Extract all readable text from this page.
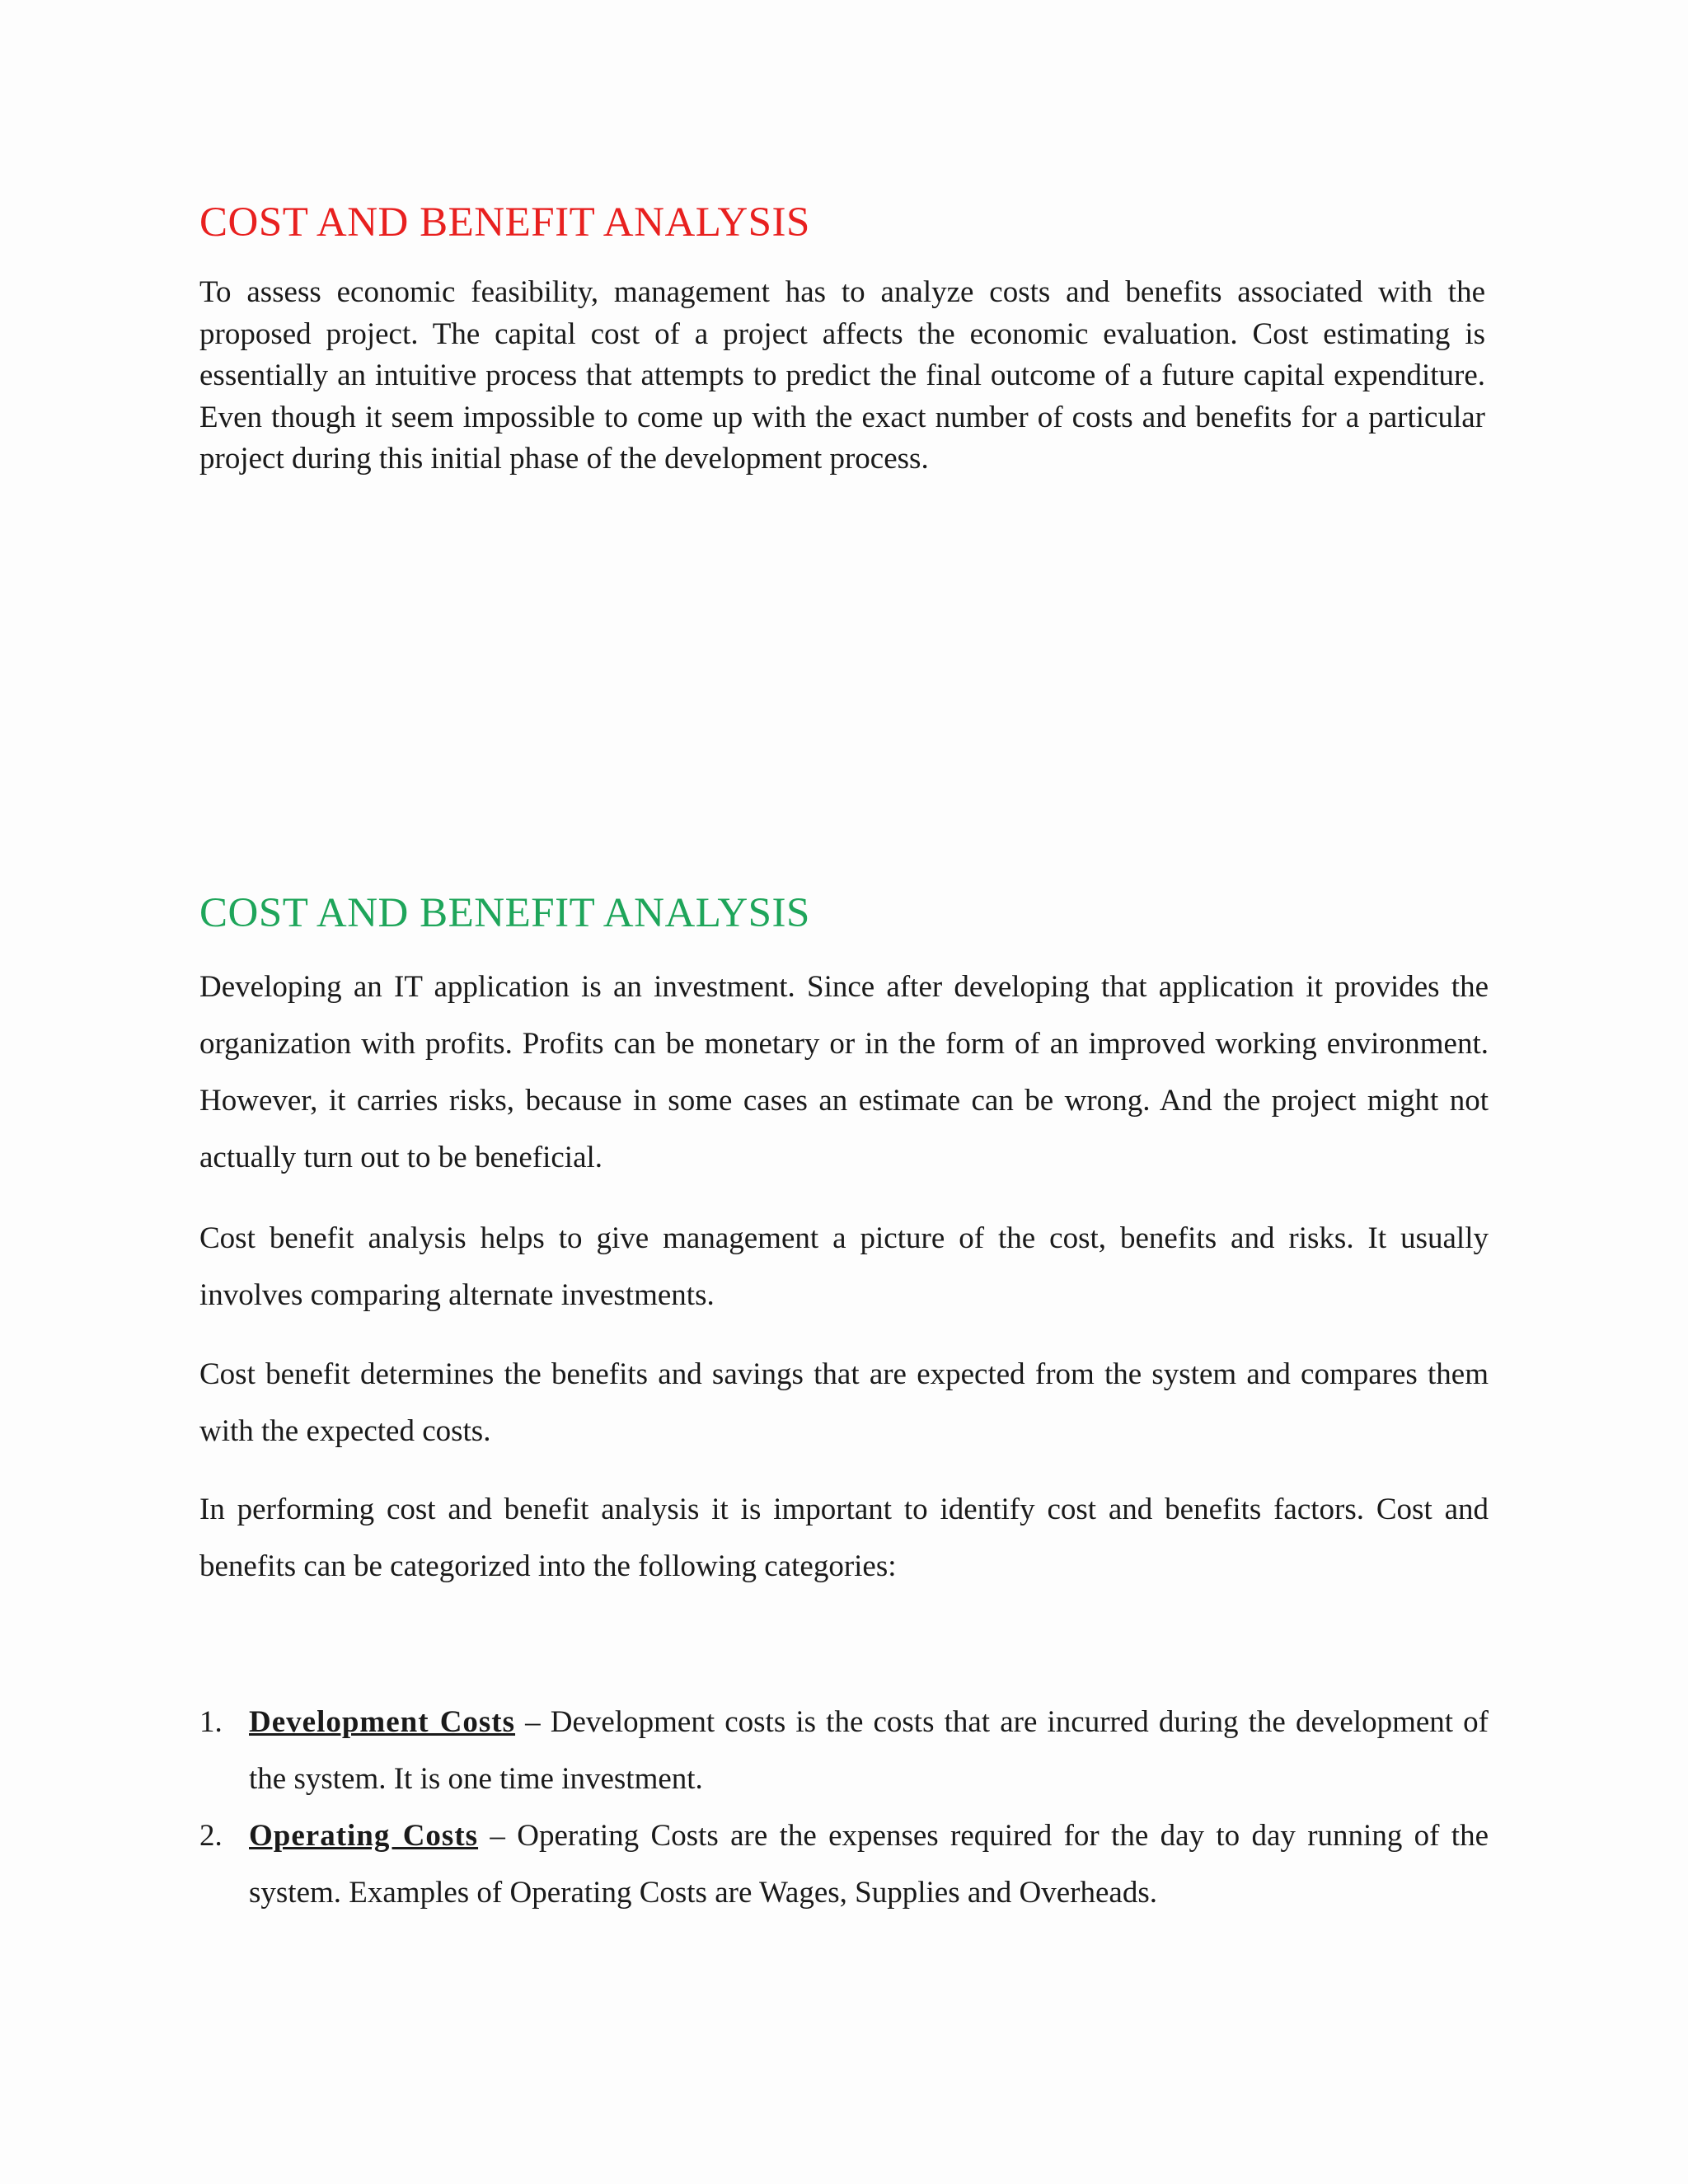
COST AND BENEFIT ANALYSIS

To assess economic feasibility, management has to analyze costs and benefits associated with the proposed project. The capital cost of a project affects the economic evaluation. Cost estimating is essentially an intuitive process that attempts to predict the final outcome of a future capital expenditure. Even though it seem impossible to come up with the exact number of costs and benefits for a particular project during this initial phase of the development process.

COST AND BENEFIT ANALYSIS

Developing an IT application is an investment. Since after developing that application it provides the organization with profits. Profits can be monetary or in the form of an improved working environment. However, it carries risks, because in some cases an estimate can be wrong. And the project might not actually turn out to be beneficial.

Cost benefit analysis helps to give management a picture of the cost, benefits and risks. It usually involves comparing alternate investments.

Cost benefit determines the benefits and savings that are expected from the system and compares them with the expected costs.

In performing cost and benefit analysis it is important to identify cost and benefits factors. Cost and benefits can be categorized into the following categories:

1. Development Costs – Development costs is the costs that are incurred during the development of the system. It is one time investment.
2. Operating Costs – Operating Costs are the expenses required for the day to day running of the system. Examples of Operating Costs are Wages, Supplies and Overheads.
